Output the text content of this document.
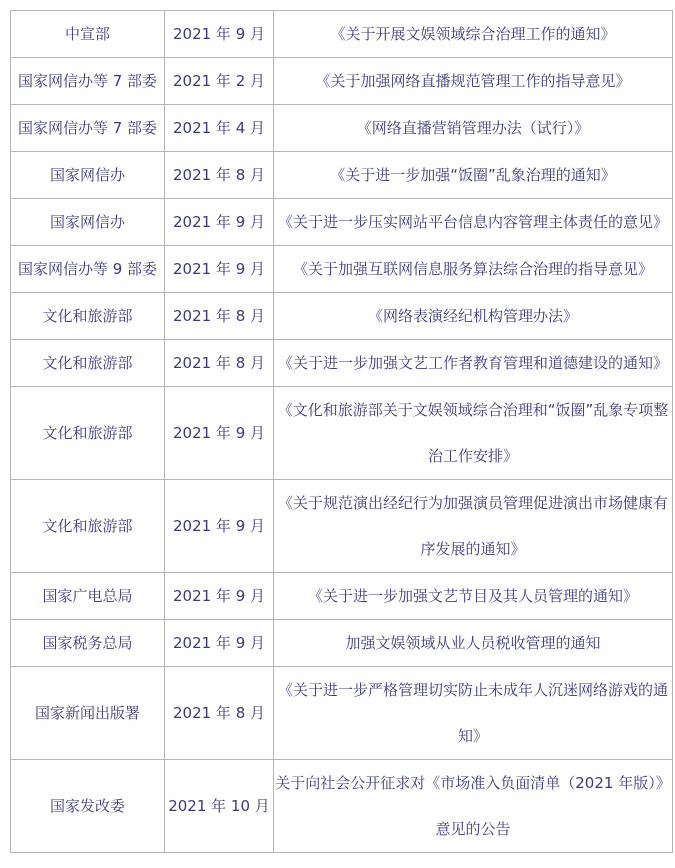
中宣部	2021 年 9 月	《关于开展文娱领域综合治理工作的通知》
国家网信办等 7 部委	2021 年 2 月	《关于加强网络直播规范管理工作的指导意见》
国家网信办等 7 部委	2021 年 4 月	《网络直播营销管理办法（试行）》
国家网信办	2021 年 8 月	《关于进一步加强“饭圈”乱象治理的通知》
国家网信办	2021 年 9 月	《关于进一步压实网站平台信息内容管理主体责任的意见》
国家网信办等 9 部委	2021 年 9 月	《关于加强互联网信息服务算法综合治理的指导意见》
文化和旅游部	2021 年 8 月	《网络表演经纪机构管理办法》
文化和旅游部	2021 年 8 月	《关于进一步加强文艺工作者教育管理和道德建设的通知》
文化和旅游部	2021 年 9 月	《文化和旅游部关于文娱领域综合治理和“饭圈”乱象专项整治工作安排》
文化和旅游部	2021 年 9 月	《关于规范演出经纪行为加强演员管理促进演出市场健康有序发展的通知》
国家广电总局	2021 年 9 月	《关于进一步加强文艺节目及其人员管理的通知》
国家税务总局	2021 年 9 月	加强文娱领域从业人员税收管理的通知
国家新闻出版署	2021 年 8 月	《关于进一步严格管理切实防止未成年人沉迷网络游戏的通知》
国家发改委	2021 年 10 月	关于向社会公开征求对《市场准入负面清单（2021 年版）》意见的公告
